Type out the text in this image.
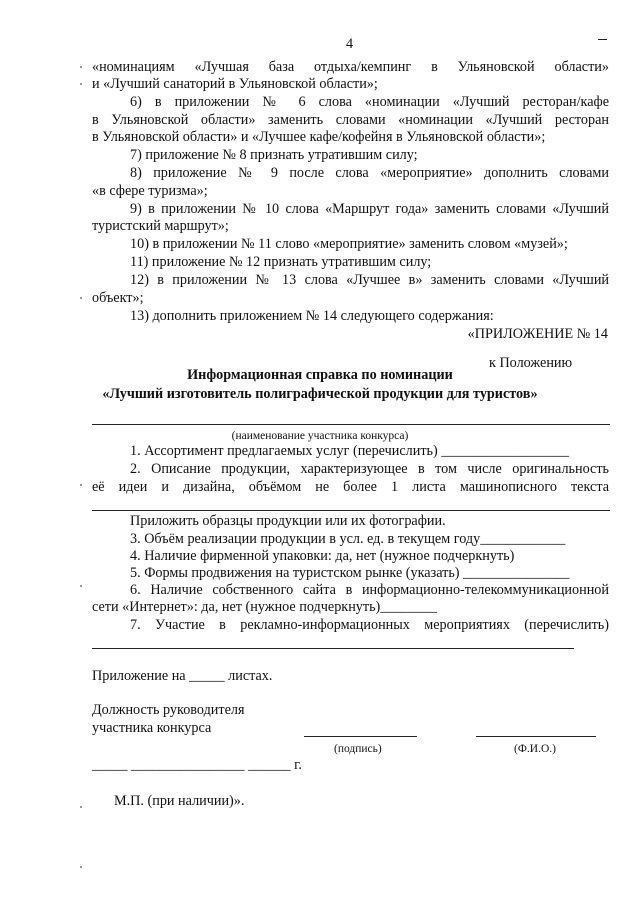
4
«номинациям «Лучшая база отдыха/кемпинг в Ульяновской области»
и «Лучший санаторий в Ульяновской области»;
6) в приложении № 6 слова «номинации «Лучший ресторан/кафе
в Ульяновской области» заменить словами «номинации «Лучший ресторан
в Ульяновской области» и «Лучшее кафе/кофейня в Ульяновской области»;
7) приложение № 8 признать утратившим силу;
8) приложение № 9 после слова «мероприятие» дополнить словами
«в сфере туризма»;
9) в приложении № 10 слова «Маршрут года» заменить словами «Лучший
туристский маршрут»;
10) в приложении № 11 слово «мероприятие» заменить словом «музей»;
11) приложение № 12 признать утратившим силу;
12) в приложении № 13 слова «Лучшее в» заменить словами «Лучший
объект»;
13) дополнить приложением № 14 следующего содержания:
«ПРИЛОЖЕНИЕ № 14
к Положению
Информационная справка по номинации
«Лучший изготовитель полиграфической продукции для туристов»
(наименование участника конкурса)
1. Ассортимент предлагаемых услуг (перечислить) __________________
2. Описание продукции, характеризующее в том числе оригинальность
её идеи и дизайна, объёмом не более 1 листа машинописного текста
Приложить образцы продукции или их фотографии.
3. Объём реализации продукции в усл. ед. в текущем году____________
4. Наличие фирменной упаковки: да, нет (нужное подчеркнуть)
5. Формы продвижения на туристском рынке (указать) _______________
6. Наличие собственного сайта в информационно-телекоммуникационной
сети «Интернет»: да, нет (нужное подчеркнуть)________
7. Участие в рекламно-информационных мероприятиях (перечислить)
Приложение на _____ листах.
Должность руководителя
участника конкурса
(подпись)	(Ф.И.О.)
_____ ________________ ______ г.
М.П. (при наличии)».
